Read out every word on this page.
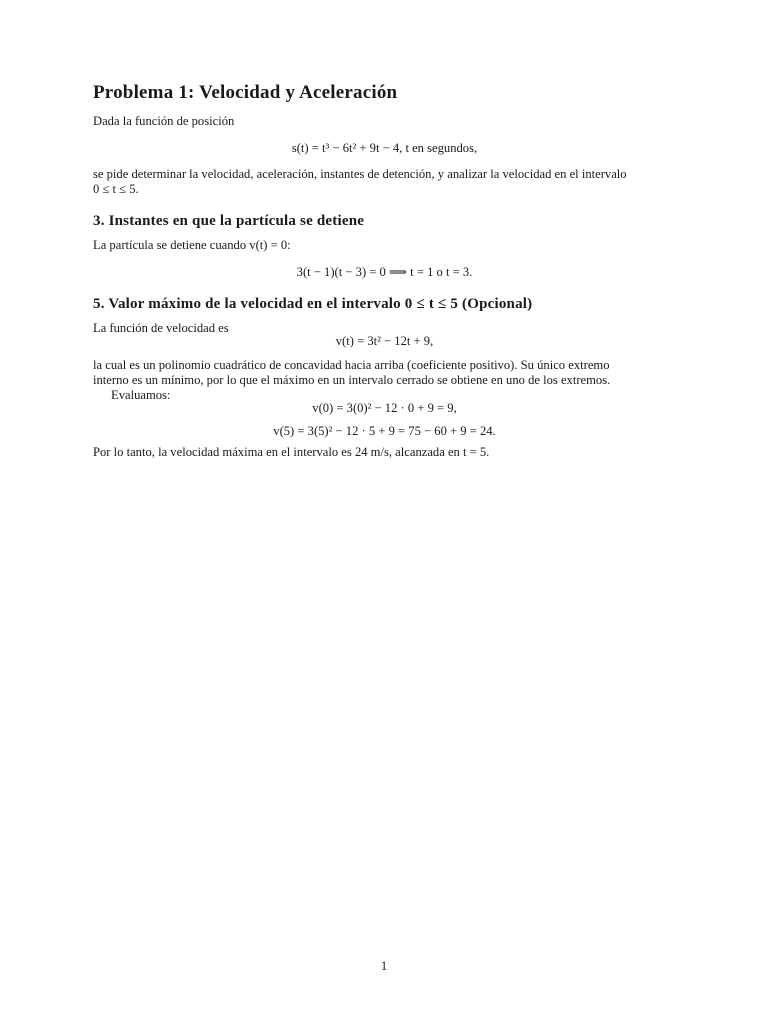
Problema 1: Velocidad y Aceleración
Dada la función de posición
s(t) = t³ − 6t² + 9t − 4, t en segundos,
se pide determinar la velocidad, aceleración, instantes de detención, y analizar la velocidad en el intervalo
0 ≤ t ≤ 5.
3. Instantes en que la partícula se detiene
La partícula se detiene cuando v(t) = 0:
3(t − 1)(t − 3) = 0 ⟹ t = 1 o t = 3.
5. Valor máximo de la velocidad en el intervalo 0 ≤ t ≤ 5 (Opcional)
La función de velocidad es
v(t) = 3t² − 12t + 9,
la cual es un polinomio cuadrático de concavidad hacia arriba (coeficiente positivo). Su único extremo
interno es un mínimo, por lo que el máximo en un intervalo cerrado se obtiene en uno de los extremos.
Evaluamos:
v(0) = 3(0)² − 12 · 0 + 9 = 9,
v(5) = 3(5)² − 12 · 5 + 9 = 75 − 60 + 9 = 24.
Por lo tanto, la velocidad máxima en el intervalo es 24 m/s, alcanzada en t = 5.
1
